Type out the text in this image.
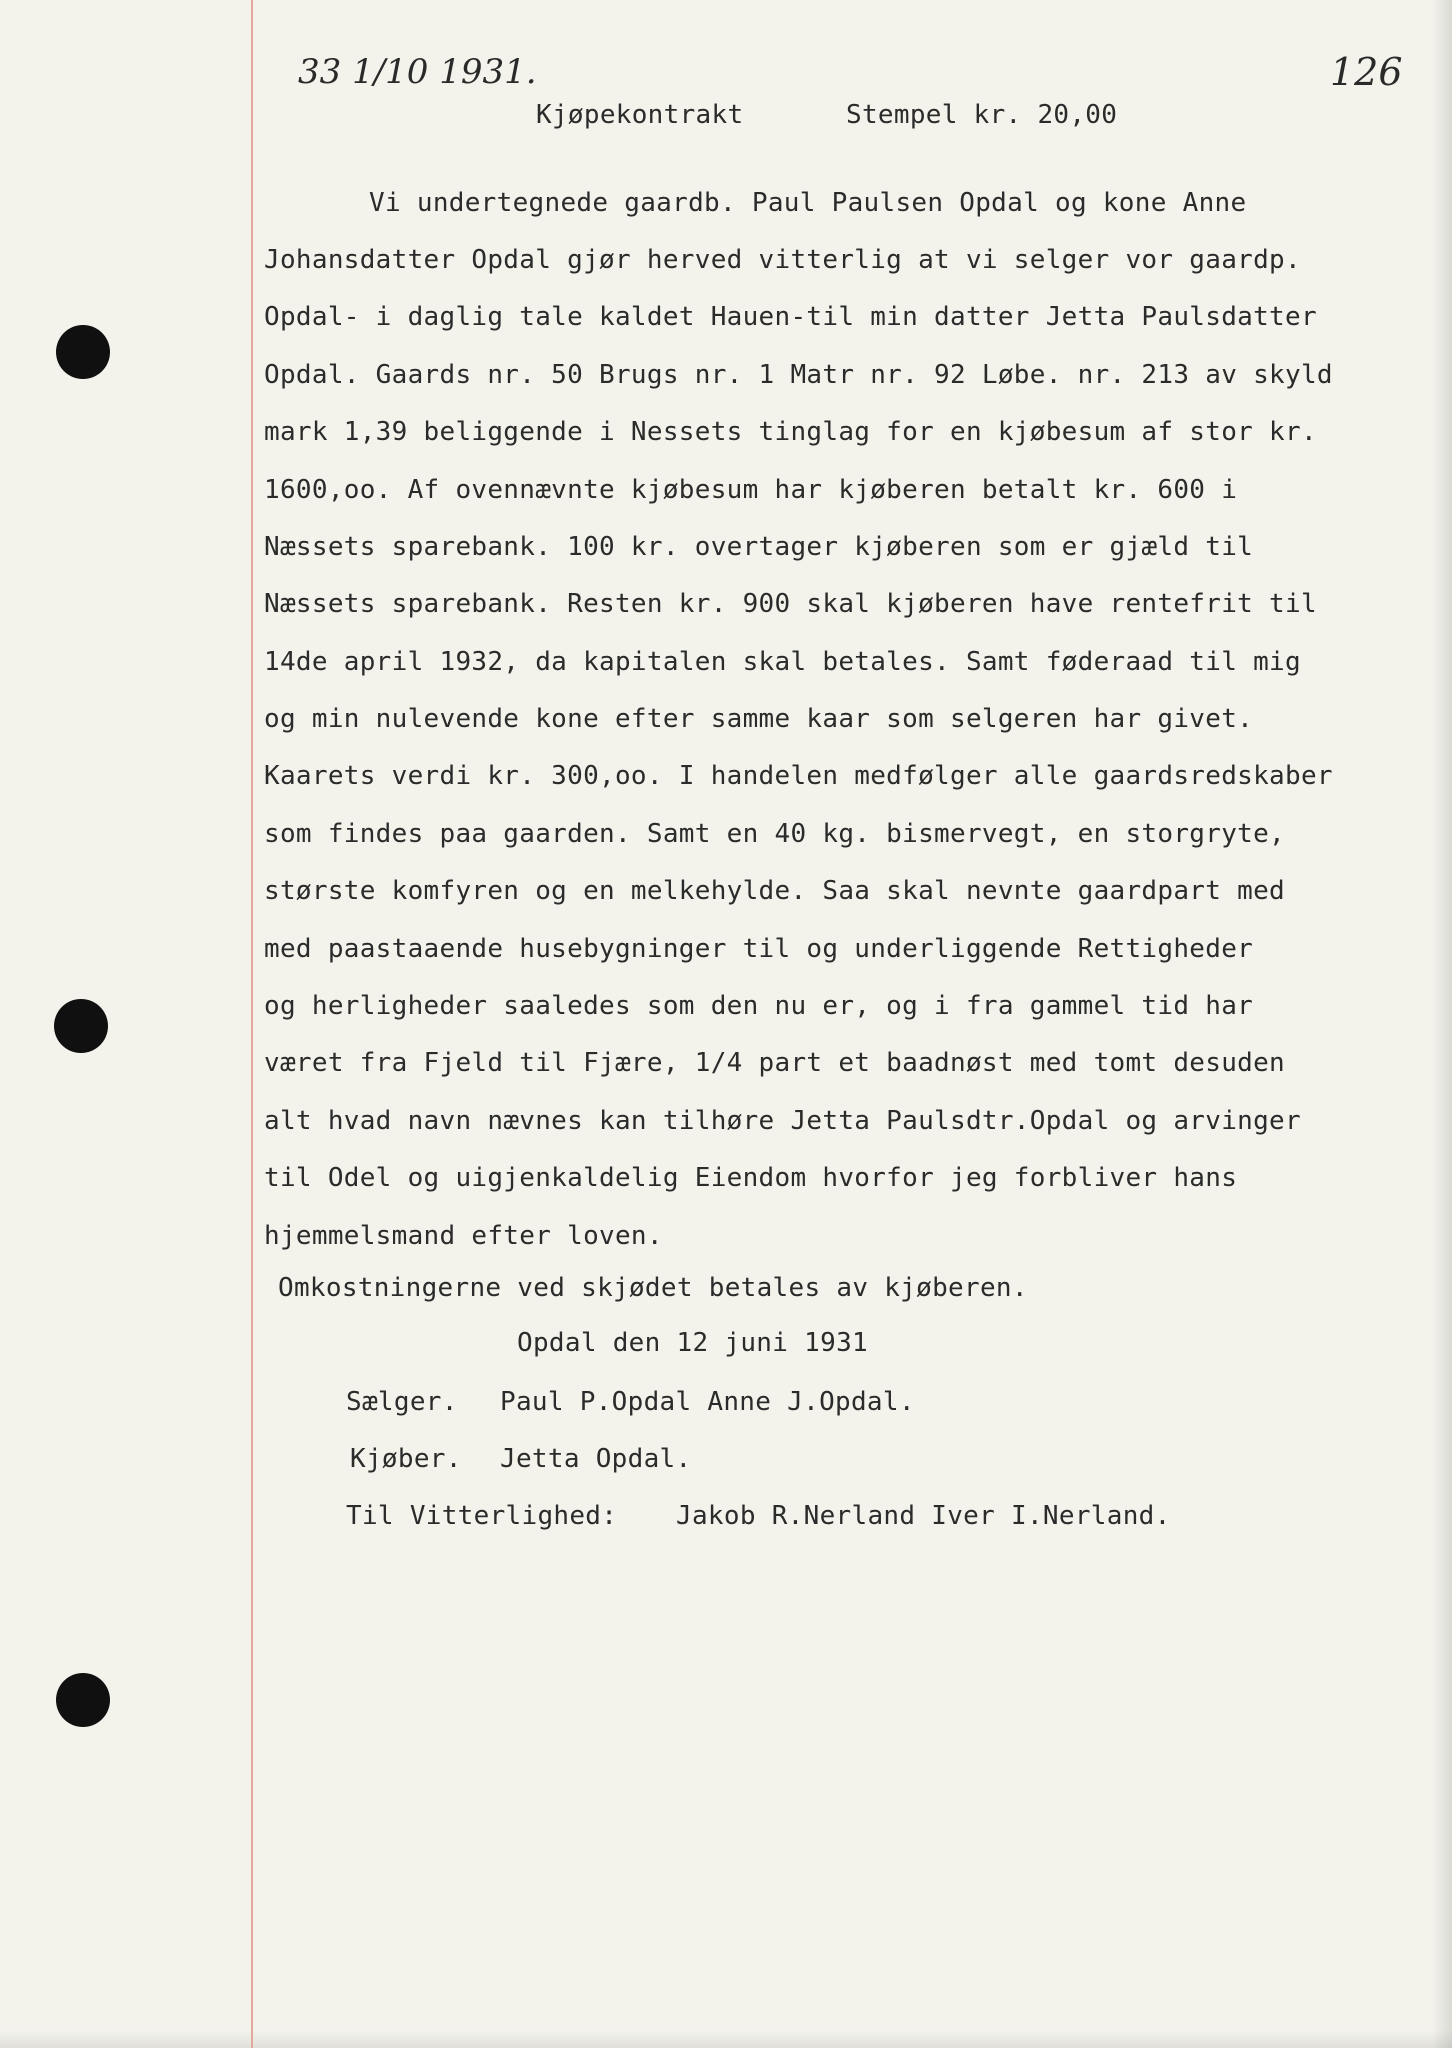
33 1/10 1931.	126
Kjøpekontrakt	Stempel kr. 20,00
Vi undertegnede gaardb. Paul Paulsen Opdal og kone Anne
Johansdatter Opdal gjør herved vitterlig at vi selger vor gaardp.
Opdal- i daglig tale kaldet Hauen-til min datter Jetta Paulsdatter
Opdal. Gaards nr. 50 Brugs nr. 1 Matr nr. 92 Løbe. nr. 213 av skyld
mark 1,39 beliggende i Nessets tinglag for en kjøbesum af stor kr.
1600,oo. Af ovennævnte kjøbesum har kjøberen betalt kr. 600 i
Næssets sparebank. 100 kr. overtager kjøberen som er gjæld til
Næssets sparebank. Resten kr. 900 skal kjøberen have rentefrit til
14de april 1932, da kapitalen skal betales. Samt føderaad til mig
og min nulevende kone efter samme kaar som selgeren har givet.
Kaarets verdi kr. 300,oo. I handelen medfølger alle gaardsredskaber
som findes paa gaarden. Samt en 40 kg. bismervegt, en storgryte,
største komfyren og en melkehylde. Saa skal nevnte gaardpart med
med paastaaende husebygninger til og underliggende Rettigheder
og herligheder saaledes som den nu er, og i fra gammel tid har
været fra Fjeld til Fjære, 1/4 part et baadnøst med tomt desuden
alt hvad navn nævnes kan tilhøre Jetta Paulsdtr.Opdal og arvinger
til Odel og uigjenkaldelig Eiendom hvorfor jeg forbliver hans
hjemmelsmand efter loven.
Omkostningerne ved skjødet betales av kjøberen.
Opdal den 12 juni 1931
Sælger. Paul P.Opdal Anne J.Opdal.
Kjøber. Jetta Opdal.
Til Vitterlighed: Jakob R.Nerland Iver I.Nerland.
